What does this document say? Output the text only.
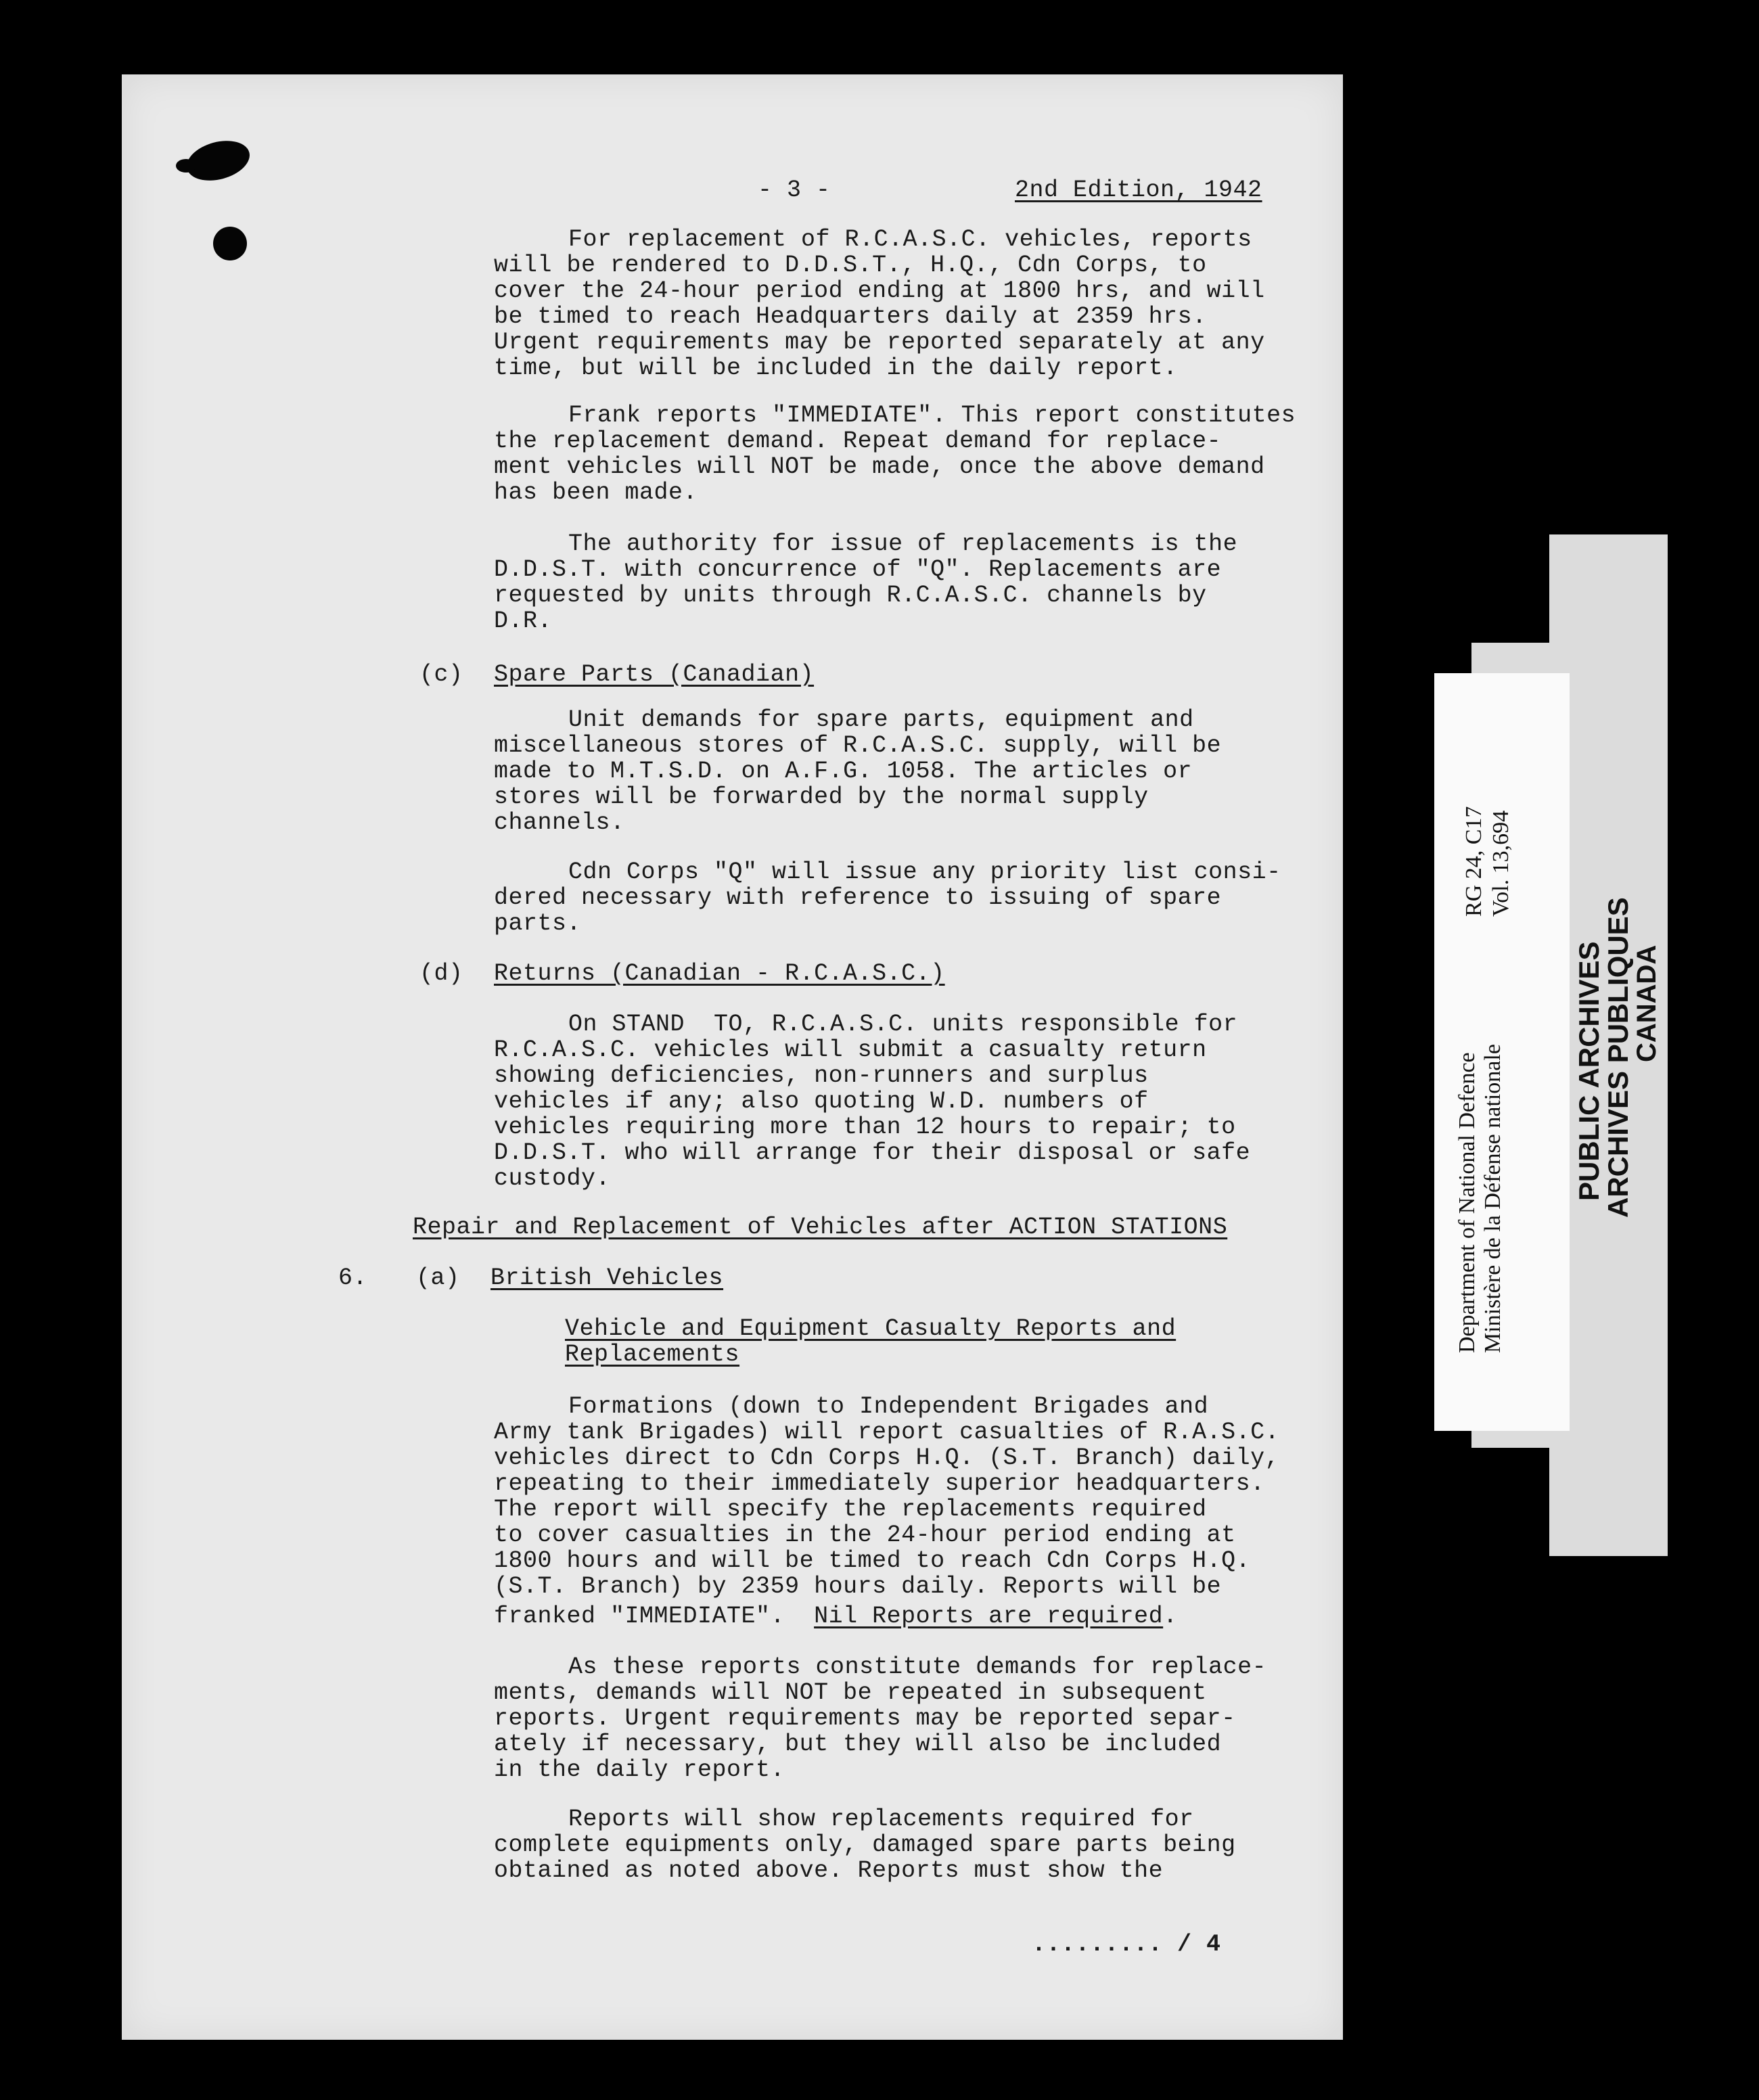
- 3 -	2nd Edition, 1942
For replacement of R.C.A.S.C. vehicles, reports
will be rendered to D.D.S.T., H.Q., Cdn Corps, to
cover the 24-hour period ending at 1800 hrs, and will
be timed to reach Headquarters daily at 2359 hrs.
Urgent requirements may be reported separately at any
time, but will be included in the daily report.
Frank reports "IMMEDIATE". This report constitutes
the replacement demand. Repeat demand for replace-
ment vehicles will NOT be made, once the above demand
has been made.
The authority for issue of replacements is the
D.D.S.T. with concurrence of "Q". Replacements are
requested by units through R.C.A.S.C. channels by
D.R.
(c) Spare Parts (Canadian)
Unit demands for spare parts, equipment and
miscellaneous stores of R.C.A.S.C. supply, will be
made to M.T.S.D. on A.F.G. 1058. The articles or
stores will be forwarded by the normal supply
channels.
Cdn Corps "Q" will issue any priority list consi-
dered necessary with reference to issuing of spare
parts.
(d) Returns (Canadian - R.C.A.S.C.)
On STAND  TO, R.C.A.S.C. units responsible for
R.C.A.S.C. vehicles will submit a casualty return
showing deficiencies, non-runners and surplus
vehicles if any; also quoting W.D. numbers of
vehicles requiring more than 12 hours to repair; to
D.D.S.T. who will arrange for their disposal or safe
custody.
Repair and Replacement of Vehicles after ACTION STATIONS
6. (a) British Vehicles
Vehicle and Equipment Casualty Reports and
Replacements
Formations (down to Independent Brigades and
Army tank Brigades) will report casualties of R.A.S.C.
vehicles direct to Cdn Corps H.Q. (S.T. Branch) daily,
repeating to their immediately superior headquarters.
The report will specify the replacements required
to cover casualties in the 24-hour period ending at
1800 hours and will be timed to reach Cdn Corps H.Q.
(S.T. Branch) by 2359 hours daily. Reports will be
franked "IMMEDIATE".  Nil Reports are required.
As these reports constitute demands for replace-
ments, demands will NOT be repeated in subsequent
reports. Urgent requirements may be reported separ-
ately if necessary, but they will also be included
in the daily report.
Reports will show replacements required for
complete equipments only, damaged spare parts being
obtained as noted above. Reports must show the
......... / 4
Department of National Defence Ministère de la Défense nationale
RG 24, C17 Vol. 13,694
PUBLIC ARCHIVES
ARCHIVES PUBLIQUES
CANADA
